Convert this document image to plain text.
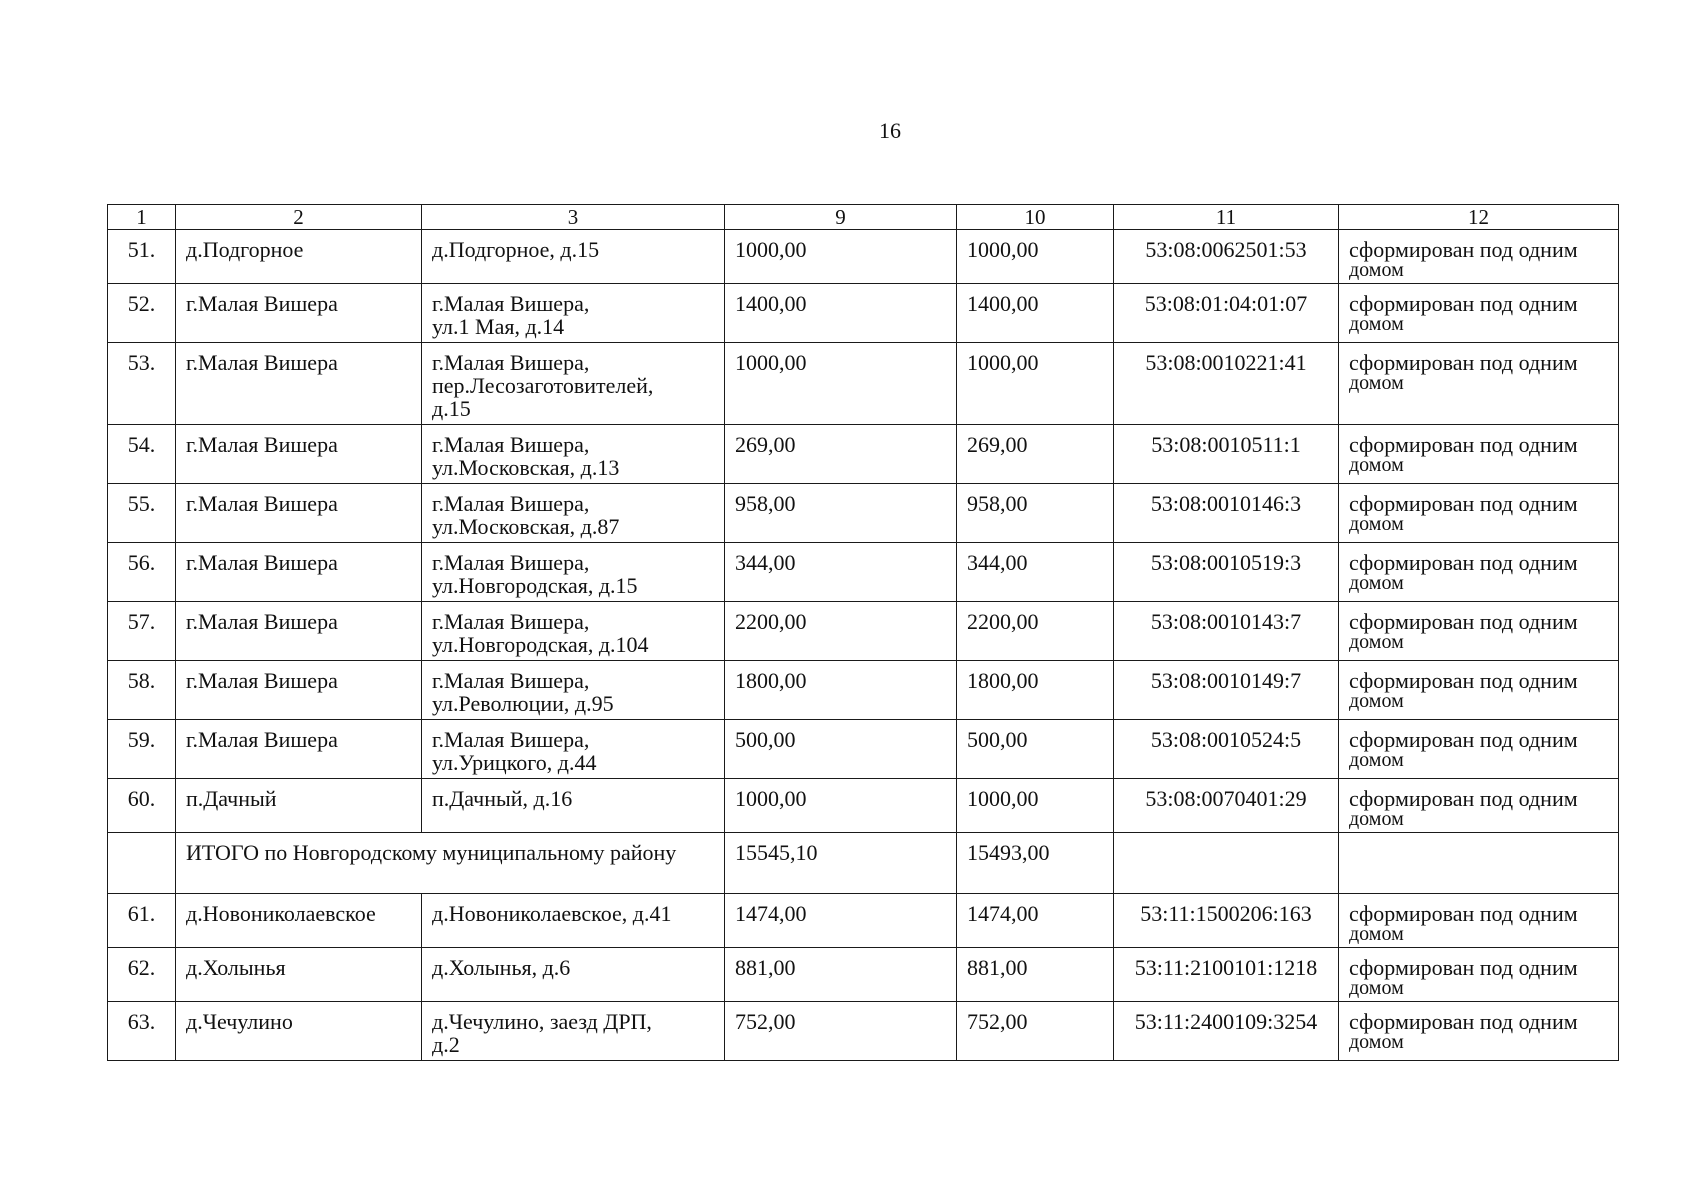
16
1	2	3	9	10	11	12
51.	д.Подгорное	д.Подгорное, д.15	1000,00	1000,00	53:08:0062501:53	сформирован под одним
домом

52.	г.Малая Вишера	г.Малая Вишера,
ул.1 Мая, д.14	1400,00	1400,00	53:08:01:04:01:07	сформирован под одним
домом

53.	г.Малая Вишера	г.Малая Вишера,
пер.Лесозаготовителей,
д.15	1000,00	1000,00	53:08:0010221:41	сформирован под одним
домом

54.	г.Малая Вишера	г.Малая Вишера,
ул.Московская, д.13	269,00	269,00	53:08:0010511:1	сформирован под одним
домом

55.	г.Малая Вишера	г.Малая Вишера,
ул.Московская, д.87	958,00	958,00	53:08:0010146:3	сформирован под одним
домом

56.	г.Малая Вишера	г.Малая Вишера,
ул.Новгородская, д.15	344,00	344,00	53:08:0010519:3	сформирован под одним
домом

57.	г.Малая Вишера	г.Малая Вишера,
ул.Новгородская, д.104	2200,00	2200,00	53:08:0010143:7	сформирован под одним
домом

58.	г.Малая Вишера	г.Малая Вишера,
ул.Революции, д.95	1800,00	1800,00	53:08:0010149:7	сформирован под одним
домом

59.	г.Малая Вишера	г.Малая Вишера,
ул.Урицкого, д.44	500,00	500,00	53:08:0010524:5	сформирован под одним
домом

60.	п.Дачный	п.Дачный, д.16	1000,00	1000,00	53:08:0070401:29	сформирован под одним
домом

	ИТОГО по Новгородскому муниципальному району		15545,10	15493,00		
61.	д.Новониколаевское	д.Новониколаевское, д.41	1474,00	1474,00	53:11:1500206:163	сформирован под одним
домом

62.	д.Холынья	д.Холынья, д.6	881,00	881,00	53:11:2100101:1218	сформирован под одним
домом

63.	д.Чечулино	д.Чечулино, заезд ДРП,
д.2	752,00	752,00	53:11:2400109:3254	сформирован под одним
домом
